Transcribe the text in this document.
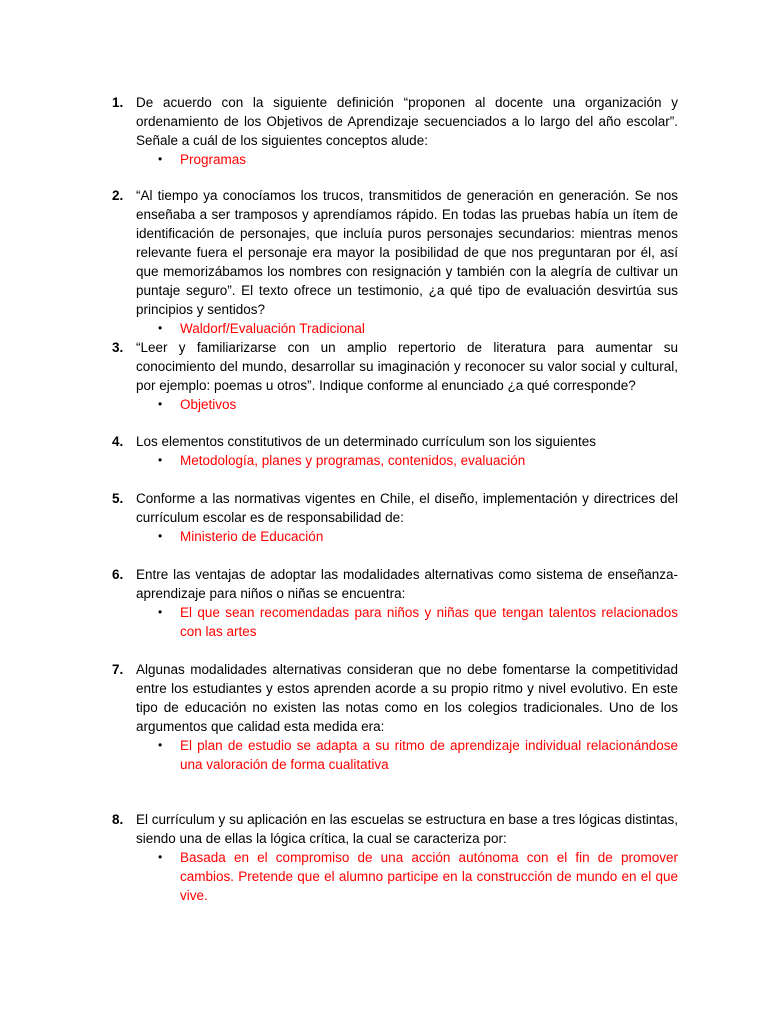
1. De acuerdo con la siguiente definición “proponen al docente una organización y ordenamiento de los Objetivos de Aprendizaje secuenciados a lo largo del año escolar”. Señale a cuál de los siguientes conceptos alude:
• Programas
2. “Al tiempo ya conocíamos los trucos, transmitidos de generación en generación. Se nos enseñaba a ser tramposos y aprendíamos rápido. En todas las pruebas había un ítem de identificación de personajes, que incluía puros personajes secundarios: mientras menos relevante fuera el personaje era mayor la posibilidad de que nos preguntaran por él, así que memorizábamos los nombres con resignación y también con la alegría de cultivar un puntaje seguro”. El texto ofrece un testimonio, ¿a qué tipo de evaluación desvirtúa sus principios y sentidos?
• Waldorf/Evaluación Tradicional
3. “Leer y familiarizarse con un amplio repertorio de literatura para aumentar su conocimiento del mundo, desarrollar su imaginación y reconocer su valor social y cultural, por ejemplo: poemas u otros”. Indique conforme al enunciado ¿a qué corresponde?
• Objetivos
4. Los elementos constitutivos de un determinado currículum son los siguientes
• Metodología, planes y programas, contenidos, evaluación
5. Conforme a las normativas vigentes en Chile, el diseño, implementación y directrices del currículum escolar es de responsabilidad de:
• Ministerio de Educación
6. Entre las ventajas de adoptar las modalidades alternativas como sistema de enseñanza-aprendizaje para niños o niñas se encuentra:
• El que sean recomendadas para niños y niñas que tengan talentos relacionados con las artes
7. Algunas modalidades alternativas consideran que no debe fomentarse la competitividad entre los estudiantes y estos aprenden acorde a su propio ritmo y nivel evolutivo. En este tipo de educación no existen las notas como en los colegios tradicionales. Uno de los argumentos que calidad esta medida era:
• El plan de estudio se adapta a su ritmo de aprendizaje individual relacionándose una valoración de forma cualitativa
8. El currículum y su aplicación en las escuelas se estructura en base a tres lógicas distintas, siendo una de ellas la lógica crítica, la cual se caracteriza por:
• Basada en el compromiso de una acción autónoma con el fin de promover cambios. Pretende que el alumno participe en la construcción de mundo en el que vive.
